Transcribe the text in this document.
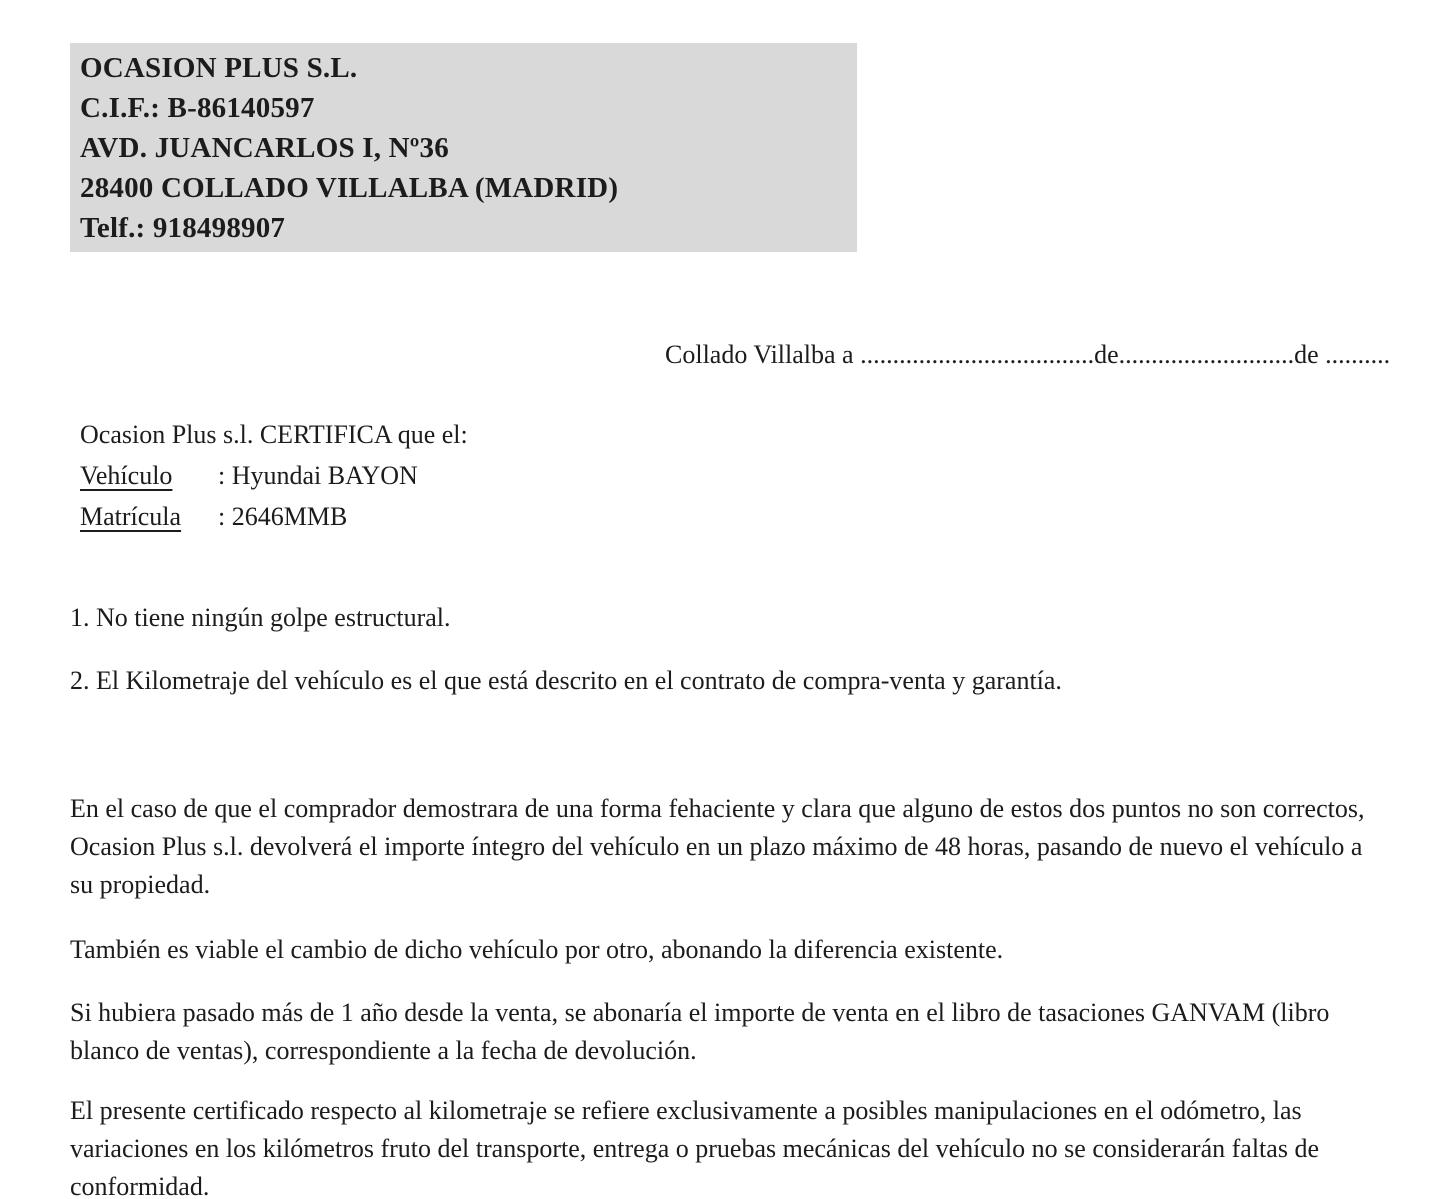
OCASION PLUS S.L.
C.I.F.: B-86140597
AVD. JUANCARLOS I, Nº36
28400 COLLADO VILLALBA (MADRID)
Telf.: 918498907
Collado Villalba a ....................................de...........................de ..........
Ocasion Plus s.l. CERTIFICA que el:
Vehículo : Hyundai BAYON
Matrícula : 2646MMB
1. No tiene ningún golpe estructural.
2. El Kilometraje del vehículo es el que está descrito en el contrato de compra-venta y garantía.
En el caso de que el comprador demostrara de una forma fehaciente y clara que alguno de estos dos puntos no son correctos, Ocasion Plus s.l. devolverá el importe íntegro del vehículo en un plazo máximo de 48 horas, pasando de nuevo el vehículo a su propiedad.
También es viable el cambio de dicho vehículo por otro, abonando la diferencia existente.
Si hubiera pasado más de 1 año desde la venta, se abonaría el importe de venta en el libro de tasaciones GANVAM (libro blanco de ventas), correspondiente a la fecha de devolución.
El presente certificado respecto al kilometraje se refiere exclusivamente a posibles manipulaciones en el odómetro, las variaciones en los kilómetros fruto del transporte, entrega o pruebas mecánicas del vehículo no se considerarán faltas de conformidad.
